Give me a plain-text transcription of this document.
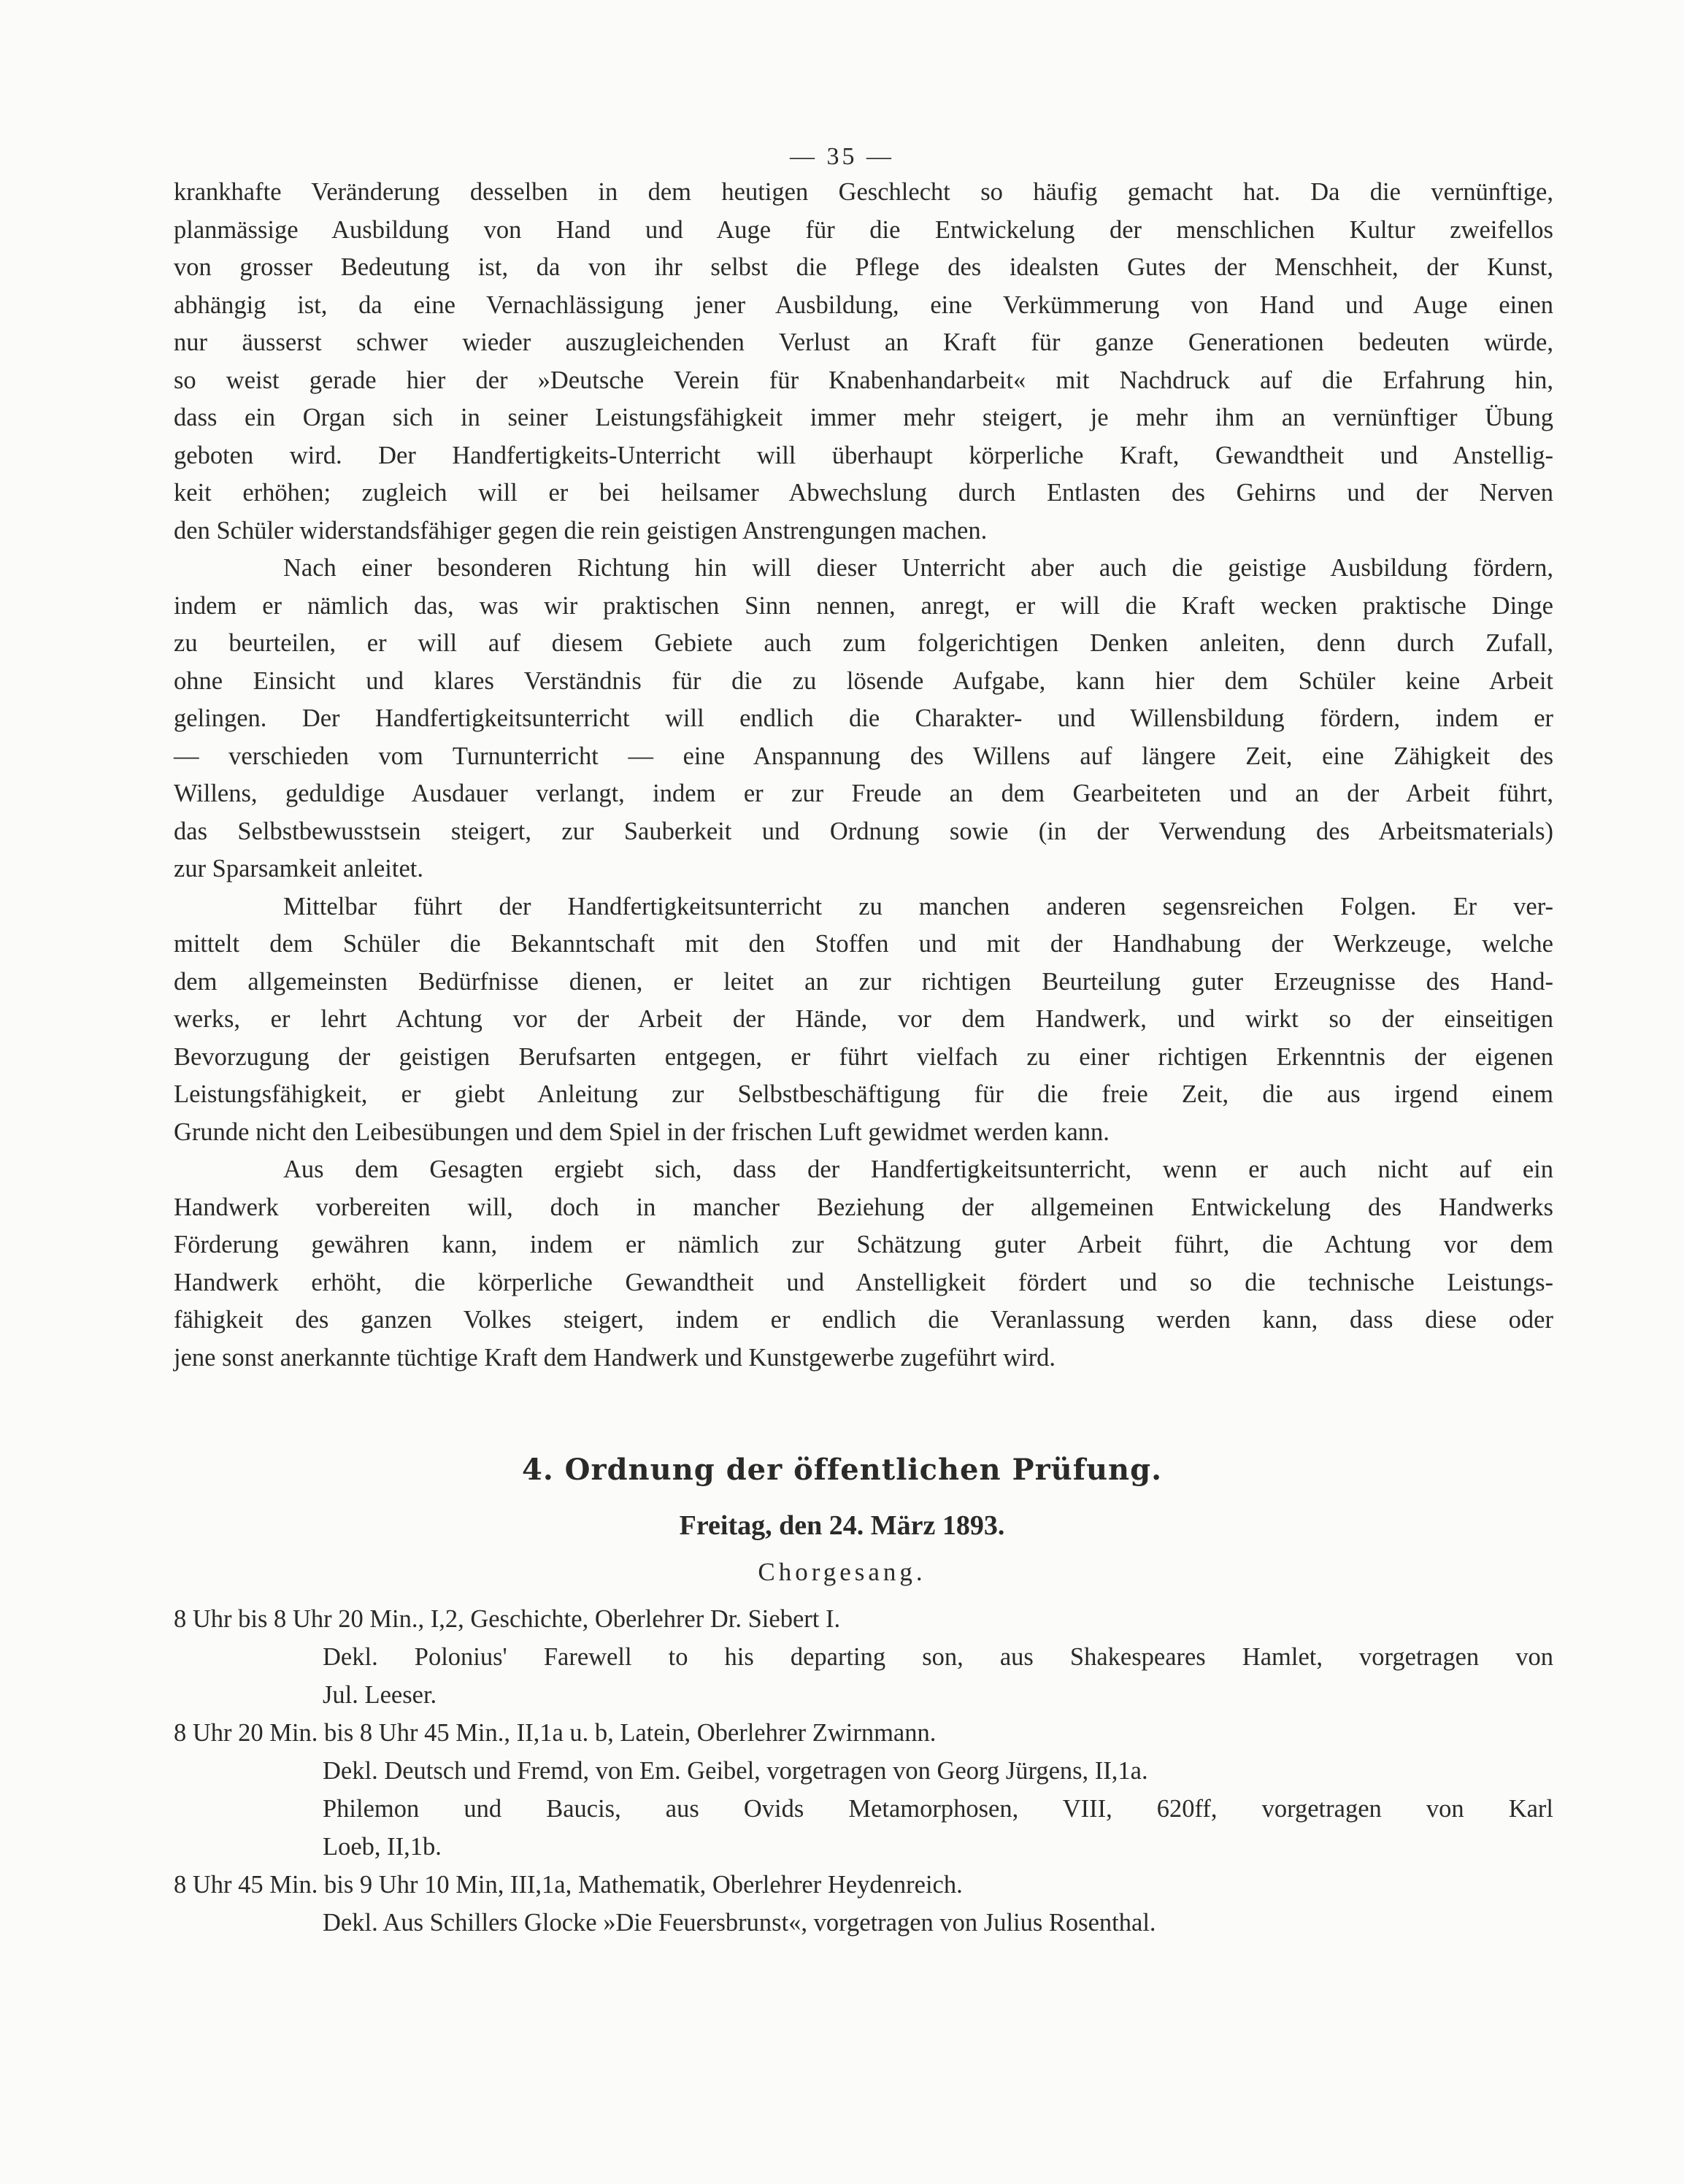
— 35 —
krankhafte Veränderung desselben in dem heutigen Geschlecht so häufig gemacht hat. Da die vernünftige,
planmässige Ausbildung von Hand und Auge für die Entwickelung der menschlichen Kultur zweifellos
von grosser Bedeutung ist, da von ihr selbst die Pflege des idealsten Gutes der Menschheit, der Kunst,
abhängig ist, da eine Vernachlässigung jener Ausbildung, eine Verkümmerung von Hand und Auge einen
nur äusserst schwer wieder auszugleichenden Verlust an Kraft für ganze Generationen bedeuten würde,
so weist gerade hier der »Deutsche Verein für Knabenhandarbeit« mit Nachdruck auf die Erfahrung hin,
dass ein Organ sich in seiner Leistungsfähigkeit immer mehr steigert, je mehr ihm an vernünftiger Übung
geboten wird. Der Handfertigkeits-Unterricht will überhaupt körperliche Kraft, Gewandtheit und Anstellig-
keit erhöhen; zugleich will er bei heilsamer Abwechslung durch Entlasten des Gehirns und der Nerven
den Schüler widerstandsfähiger gegen die rein geistigen Anstrengungen machen.
Nach einer besonderen Richtung hin will dieser Unterricht aber auch die geistige Ausbildung fördern,
indem er nämlich das, was wir praktischen Sinn nennen, anregt, er will die Kraft wecken praktische Dinge
zu beurteilen, er will auf diesem Gebiete auch zum folgerichtigen Denken anleiten, denn durch Zufall,
ohne Einsicht und klares Verständnis für die zu lösende Aufgabe, kann hier dem Schüler keine Arbeit
gelingen. Der Handfertigkeitsunterricht will endlich die Charakter- und Willensbildung fördern, indem er
— verschieden vom Turnunterricht — eine Anspannung des Willens auf längere Zeit, eine Zähigkeit des
Willens, geduldige Ausdauer verlangt, indem er zur Freude an dem Gearbeiteten und an der Arbeit führt,
das Selbstbewusstsein steigert, zur Sauberkeit und Ordnung sowie (in der Verwendung des Arbeitsmaterials)
zur Sparsamkeit anleitet.
Mittelbar führt der Handfertigkeitsunterricht zu manchen anderen segensreichen Folgen. Er ver-
mittelt dem Schüler die Bekanntschaft mit den Stoffen und mit der Handhabung der Werkzeuge, welche
dem allgemeinsten Bedürfnisse dienen, er leitet an zur richtigen Beurteilung guter Erzeugnisse des Hand-
werks, er lehrt Achtung vor der Arbeit der Hände, vor dem Handwerk, und wirkt so der einseitigen
Bevorzugung der geistigen Berufsarten entgegen, er führt vielfach zu einer richtigen Erkenntnis der eigenen
Leistungsfähigkeit, er giebt Anleitung zur Selbstbeschäftigung für die freie Zeit, die aus irgend einem
Grunde nicht den Leibesübungen und dem Spiel in der frischen Luft gewidmet werden kann.
Aus dem Gesagten ergiebt sich, dass der Handfertigkeitsunterricht, wenn er auch nicht auf ein
Handwerk vorbereiten will, doch in mancher Beziehung der allgemeinen Entwickelung des Handwerks
Förderung gewähren kann, indem er nämlich zur Schätzung guter Arbeit führt, die Achtung vor dem
Handwerk erhöht, die körperliche Gewandtheit und Anstelligkeit fördert und so die technische Leistungs-
fähigkeit des ganzen Volkes steigert, indem er endlich die Veranlassung werden kann, dass diese oder
jene sonst anerkannte tüchtige Kraft dem Handwerk und Kunstgewerbe zugeführt wird.
4. Ordnung der öffentlichen Prüfung.
Freitag, den 24. März 1893.
Chorgesang.
8 Uhr bis 8 Uhr 20 Min., I,2, Geschichte, Oberlehrer Dr. Siebert I.
Dekl. Polonius' Farewell to his departing son, aus Shakespeares Hamlet, vorgetragen von
Jul. Leeser.
8 Uhr 20 Min. bis 8 Uhr 45 Min., II,1a u. b, Latein, Oberlehrer Zwirnmann.
Dekl. Deutsch und Fremd, von Em. Geibel, vorgetragen von Georg Jürgens, II,1a.
Philemon und Baucis, aus Ovids Metamorphosen, VIII, 620ff, vorgetragen von Karl
Loeb, II,1b.
8 Uhr 45 Min. bis 9 Uhr 10 Min, III,1a, Mathematik, Oberlehrer Heydenreich.
Dekl. Aus Schillers Glocke »Die Feuersbrunst«, vorgetragen von Julius Rosenthal.
